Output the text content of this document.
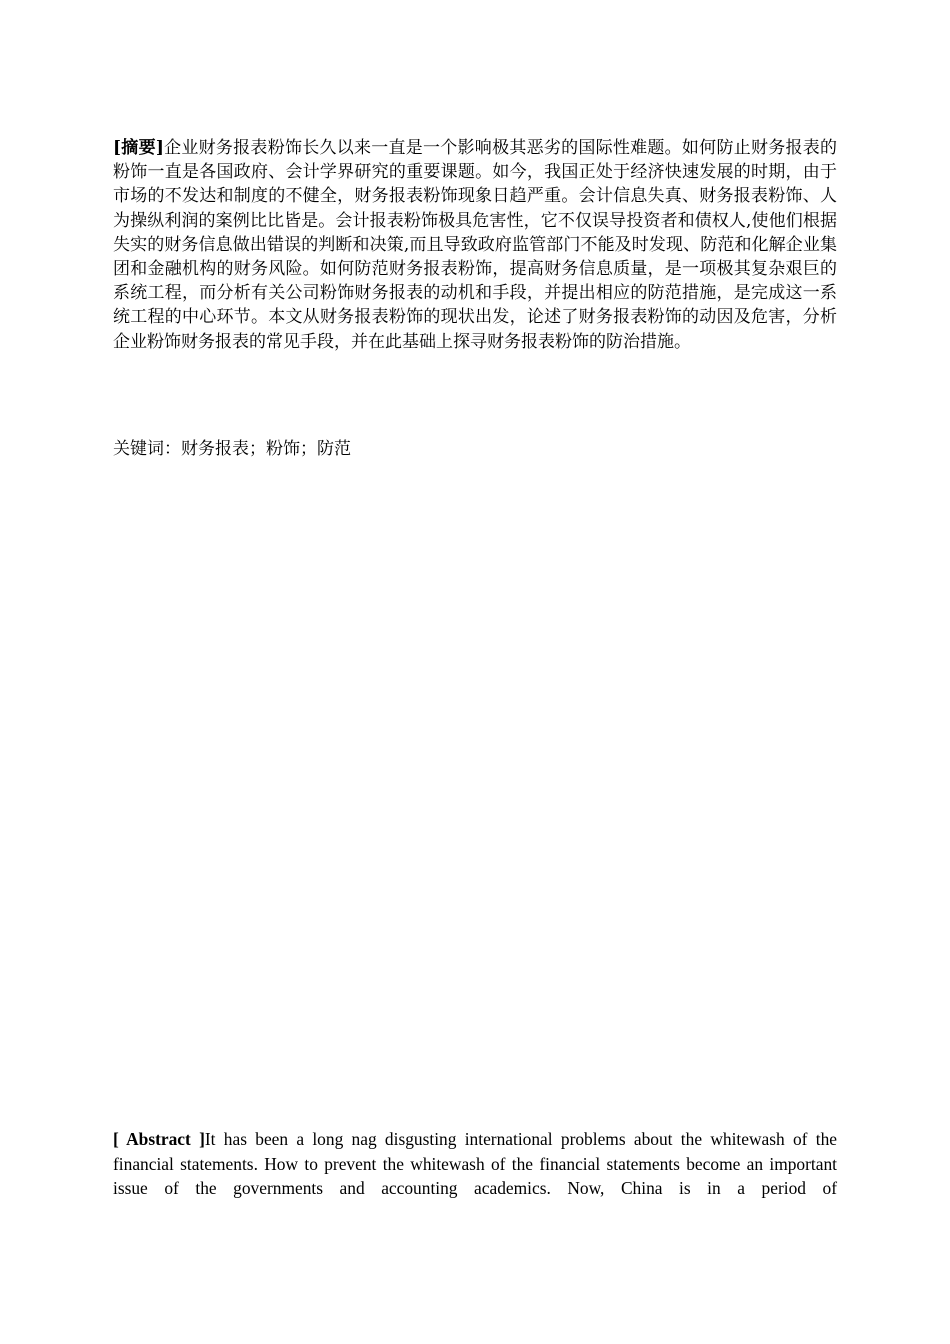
[摘要]企业财务报表粉饰长久以来一直是一个影响极其恶劣的国际性难题。如何防止财务报表的粉饰一直是各国政府、会计学界研究的重要课题。如今，我国正处于经济快速发展的时期，由于市场的不发达和制度的不健全，财务报表粉饰现象日趋严重。会计信息失真、财务报表粉饰、人为操纵利润的案例比比皆是。会计报表粉饰极具危害性，它不仅误导投资者和债权人,使他们根据失实的财务信息做出错误的判断和决策,而且导致政府监管部门不能及时发现、防范和化解企业集团和金融机构的财务风险。如何防范财务报表粉饰，提高财务信息质量，是一项极其复杂艰巨的系统工程，而分析有关公司粉饰财务报表的动机和手段，并提出相应的防范措施，是完成这一系统工程的中心环节。本文从财务报表粉饰的现状出发，论述了财务报表粉饰的动因及危害，分析企业粉饰财务报表的常见手段，并在此基础上探寻财务报表粉饰的防治措施。
关键词：财务报表；粉饰；防范
[ Abstract ]It has been a long nag disgusting international problems about the whitewash of the financial statements. How to prevent the whitewash of the financial statements become an important issue of the governments and accounting academics. Now, China is in a period of
